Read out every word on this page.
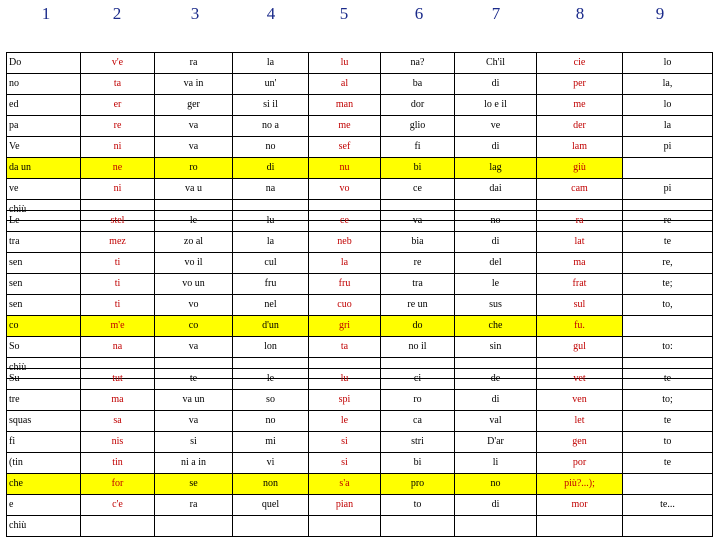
1	2	3	4	5	6	7	8	9
Do	v'e	ra	la	lu	na?	Ch'il	cie	lo
no	ta	va in	un'	al	ba	di	per	la,
ed	er	ger	si il	man	dor	lo e il	me	lo
pa	re	va	no a	me	glio	ve	der	la
Ve	ni	va	no	sef	fi	di	lam	pi
da un	ne	ro	di	nu	bi	lag	giù	
ve	ni	va u	na	vo	ce	dai	cam	pi
chiù								
Le	stel	le	lu	ce	va	no	ra	re
tra	mez	zo al	la	neb	bia	di	lat	te
sen	ti	vo il	cul	la	re	del	ma	re,
sen	ti	vo un	fru	fru	tra	le	frat	te;
sen	ti	vo	nel	cuo	re un	sus	sul	to,
co	m'e	co	d'un	gri	do	che	fu.	
So	na	va	lon	ta	no il	sin	gul	to:
chiù								
Su	tut	te	le	lu	ci	de	vet	te
tre	ma	va un	so	spi	ro	di	ven	to;
squas	sa	va	no	le	ca	val	let	te
fi	nis	si	mi	si	stri	D'ar	gen	to
(tin	tin	ni a in	vi	si	bi	li	por	te
che	for	se	non	s'a	pro	no	più?...);	
e	c'e	ra	quel	pian	to	di	mor	te...
chiù								
